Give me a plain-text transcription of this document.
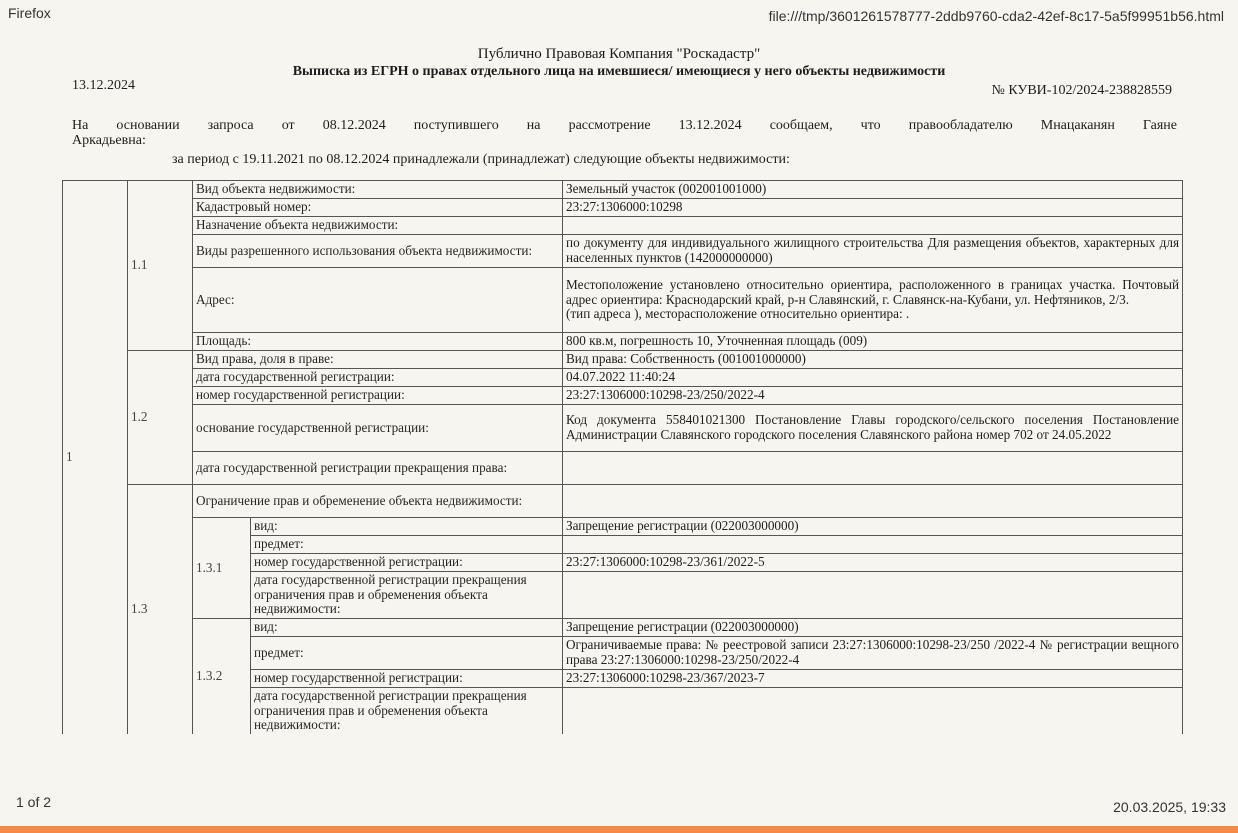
Firefox	file:///tmp/3601261578777-2ddb9760-cda2-42ef-8c17-5a5f99951b56.html
Публично Правовая Компания "Роскадастр"
Выписка из ЕГРН о правах отдельного лица на имевшиеся/ имеющиеся у него объекты недвижимости
13.12.2024	№ КУВИ-102/2024-238828559
На основании запроса от 08.12.2024 поступившего на рассмотрение 13.12.2024 сообщаем, что правообладателю Мнацаканян Гаяне
Аркадьевна:
за период с 19.11.2021 по 08.12.2024 принадлежали (принадлежат) следующие объекты недвижимости:
1	1.1	Вид объекта недвижимости:		Земельный участок (002001001000)
		Кадастровый номер:		23:27:1306000:10298
		Назначение объекта недвижимости:		
		Виды разрешенного использования объекта недвижимости:		по документу для индивидуального жилищного строительства Для размещения объектов, характерных для населенных пунктов (142000000000)
		Адрес:		Местоположение установлено относительно ориентира, расположенного в границах участка. Почтовый адрес ориентира: Краснодарский край, р-н Славянский, г. Славянск-на-Кубани, ул. Нефтяников, 2/3.
(тип адреса ), месторасположение относительно ориентира: .

		Площадь:		800 кв.м, погрешность 10, Уточненная площадь (009)
	1.2	Вид права, доля в праве:		Вид права: Собственность (001001000000)
		дата государственной регистрации:		04.07.2022 11:40:24
		номер государственной регистрации:		23:27:1306000:10298-23/250/2022-4
		основание государственной регистрации:		Код документа 558401021300 Постановление Главы городского/сельского поселения Постановление Администрации Славянского городского поселения Славянского района номер 702 от 24.05.2022
		дата государственной регистрации прекращения права:		
	1.3	Ограничение прав и обременение объекта недвижимости:		
		1.3.1	вид:	Запрещение регистрации (022003000000)
			предмет:	
			номер государственной регистрации:	23:27:1306000:10298-23/361/2022-5
			дата государственной регистрации прекращения ограничения прав и обременения объекта недвижимости:	
		1.3.2	вид:	Запрещение регистрации (022003000000)
			предмет:	Ограничиваемые права: № реестровой записи 23:27:1306000:10298-23/250 /2022-4 № регистрации вещного права 23:27:1306000:10298-23/250/2022-4
			номер государственной регистрации:	23:27:1306000:10298-23/367/2023-7
			дата государственной регистрации прекращения ограничения прав и обременения объекта недвижимости:	
1 of 2	20.03.2025, 19:33
